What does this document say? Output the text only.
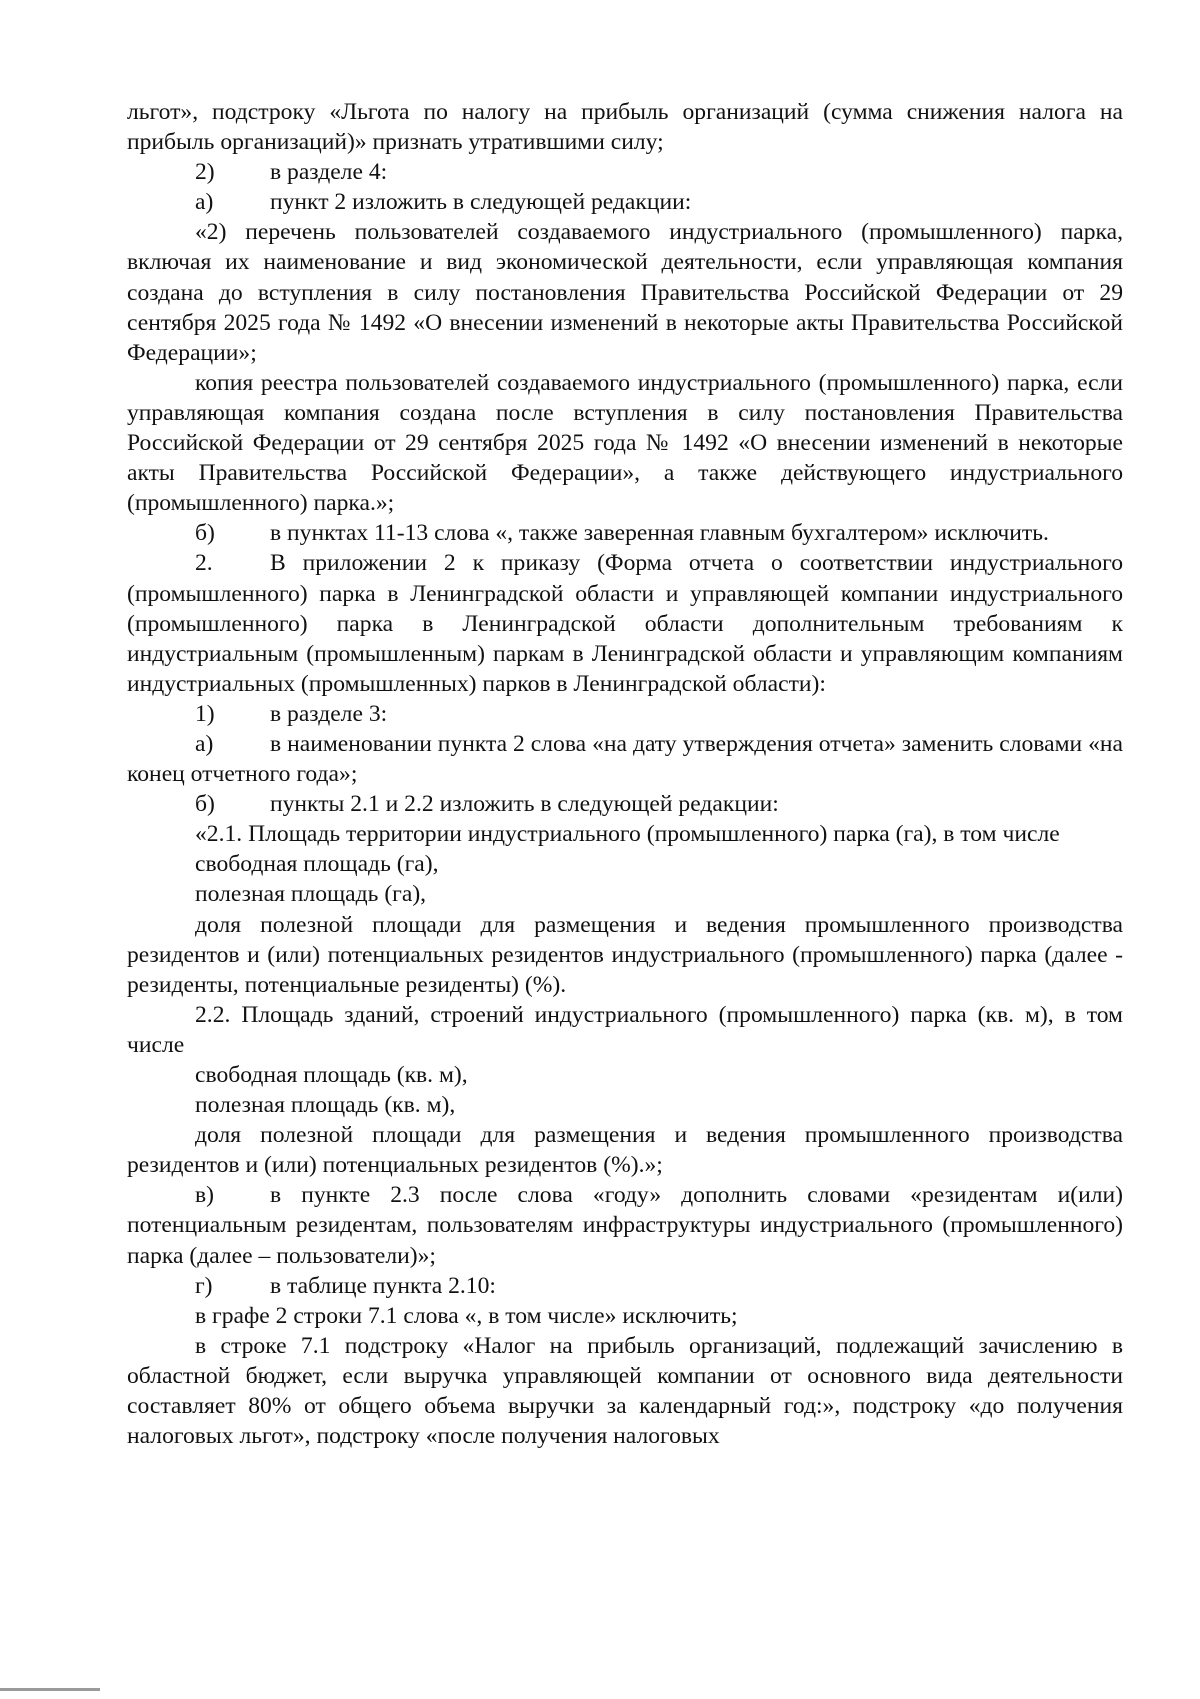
льгот», подстроку «Льгота по налогу на прибыль организаций (сумма снижения налога на прибыль организаций)» признать утратившими силу;

2) в разделе 4:

а) пункт 2 изложить в следующей редакции:

«2) перечень пользователей создаваемого индустриального (промышленного) парка, включая их наименование и вид экономической деятельности, если управляющая компания создана до вступления в силу постановления Правительства Российской Федерации от 29 сентября 2025 года № 1492 «О внесении изменений в некоторые акты Правительства Российской Федерации»;

копия реестра пользователей создаваемого индустриального (промышленного) парка, если управляющая компания создана после вступления в силу постановления Правительства Российской Федерации от 29 сентября 2025 года № 1492 «О внесении изменений в некоторые акты Правительства Российской Федерации», а также действующего индустриального (промышленного) парка.»;

б) в пунктах 11-13 слова «, также заверенная главным бухгалтером» исключить.

2. В приложении 2 к приказу (Форма отчета о соответствии индустриального (промышленного) парка в Ленинградской области и управляющей компании индустриального (промышленного) парка в Ленинградской области дополнительным требованиям к индустриальным (промышленным) паркам в Ленинградской области и управляющим компаниям индустриальных (промышленных) парков в Ленинградской области):

1) в разделе 3:

а) в наименовании пункта 2 слова «на дату утверждения отчета» заменить словами «на конец отчетного года»;

б) пункты 2.1 и 2.2 изложить в следующей редакции:

«2.1. Площадь территории индустриального (промышленного) парка (га), в том числе

свободная площадь (га),

полезная площадь (га),

доля полезной площади для размещения и ведения промышленного производства резидентов и (или) потенциальных резидентов индустриального (промышленного) парка (далее - резиденты, потенциальные резиденты) (%).

2.2. Площадь зданий, строений индустриального (промышленного) парка (кв. м), в том числе

свободная площадь (кв. м),

полезная площадь (кв. м),

доля полезной площади для размещения и ведения промышленного производства резидентов и (или) потенциальных резидентов (%).»;

в) в пункте 2.3 после слова «году» дополнить словами «резидентам и(или) потенциальным резидентам, пользователям инфраструктуры индустриального (промышленного) парка (далее – пользователи)»;

г) в таблице пункта 2.10:

в графе 2 строки 7.1 слова «, в том числе» исключить;

в строке 7.1 подстроку «Налог на прибыль организаций, подлежащий зачислению в областной бюджет, если выручка управляющей компании от основного вида деятельности составляет 80% от общего объема выручки за календарный год:», подстроку «до получения налоговых льгот», подстроку «после получения налоговых
